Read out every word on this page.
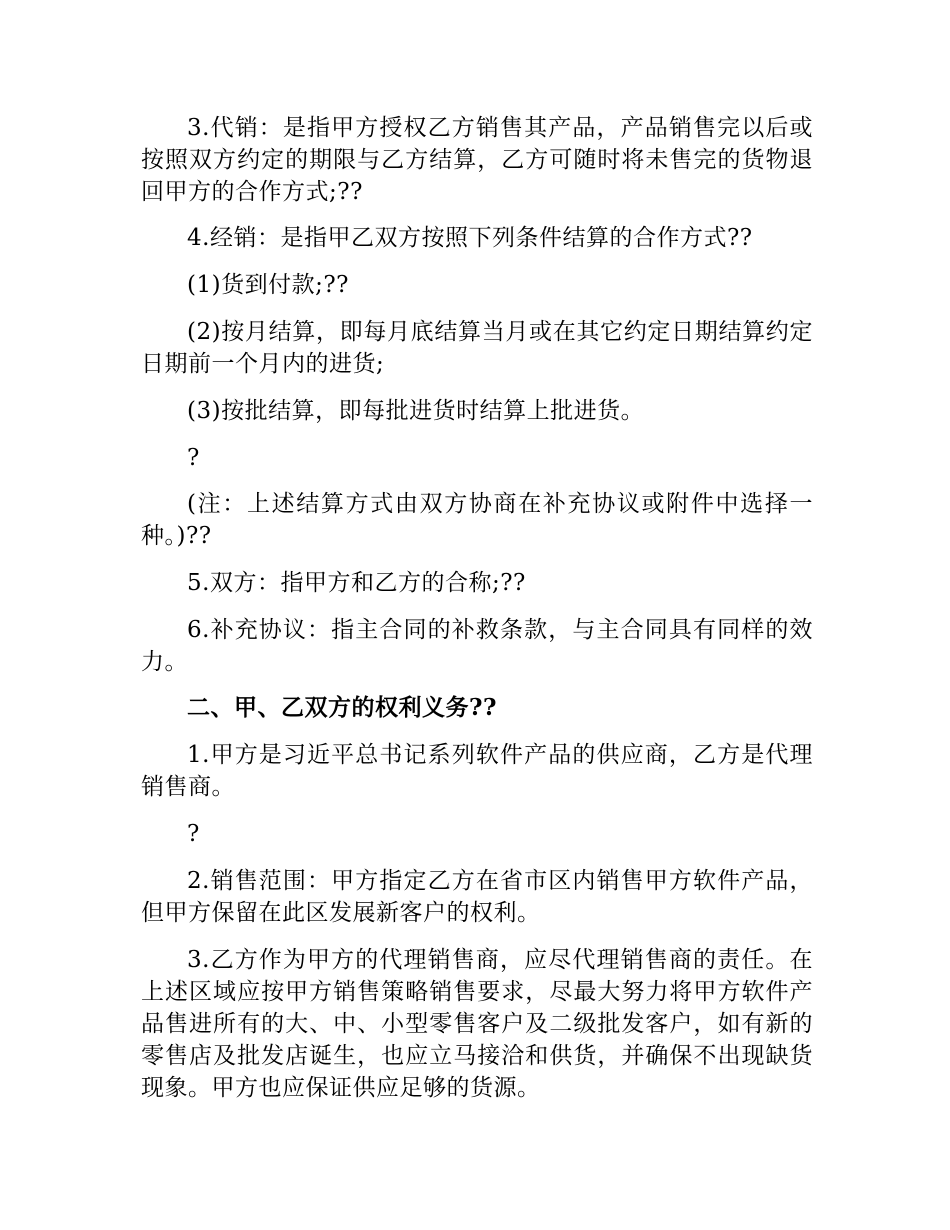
3.代销：是指甲方授权乙方销售其产品，产品销售完以后或按照双方约定的期限与乙方结算，乙方可随时将未售完的货物退回甲方的合作方式;??

4.经销：是指甲乙双方按照下列条件结算的合作方式??

(1)货到付款;??

(2)按月结算，即每月底结算当月或在其它约定日期结算约定日期前一个月内的进货;

(3)按批结算，即每批进货时结算上批进货。

?

(注：上述结算方式由双方协商在补充协议或附件中选择一种。)??

5.双方：指甲方和乙方的合称;??

6.补充协议：指主合同的补救条款，与主合同具有同样的效力。

二、甲、乙双方的权利义务??

1.甲方是习近平总书记系列软件产品的供应商，乙方是代理销售商。

?

2.销售范围：甲方指定乙方在省市区内销售甲方软件产品，但甲方保留在此区发展新客户的权利。

3.乙方作为甲方的代理销售商，应尽代理销售商的责任。在上述区域应按甲方销售策略销售要求，尽最大努力将甲方软件产品售进所有的大、中、小型零售客户及二级批发客户，如有新的零售店及批发店诞生，也应立马接洽和供货，并确保不出现缺货现象。甲方也应保证供应足够的货源。
